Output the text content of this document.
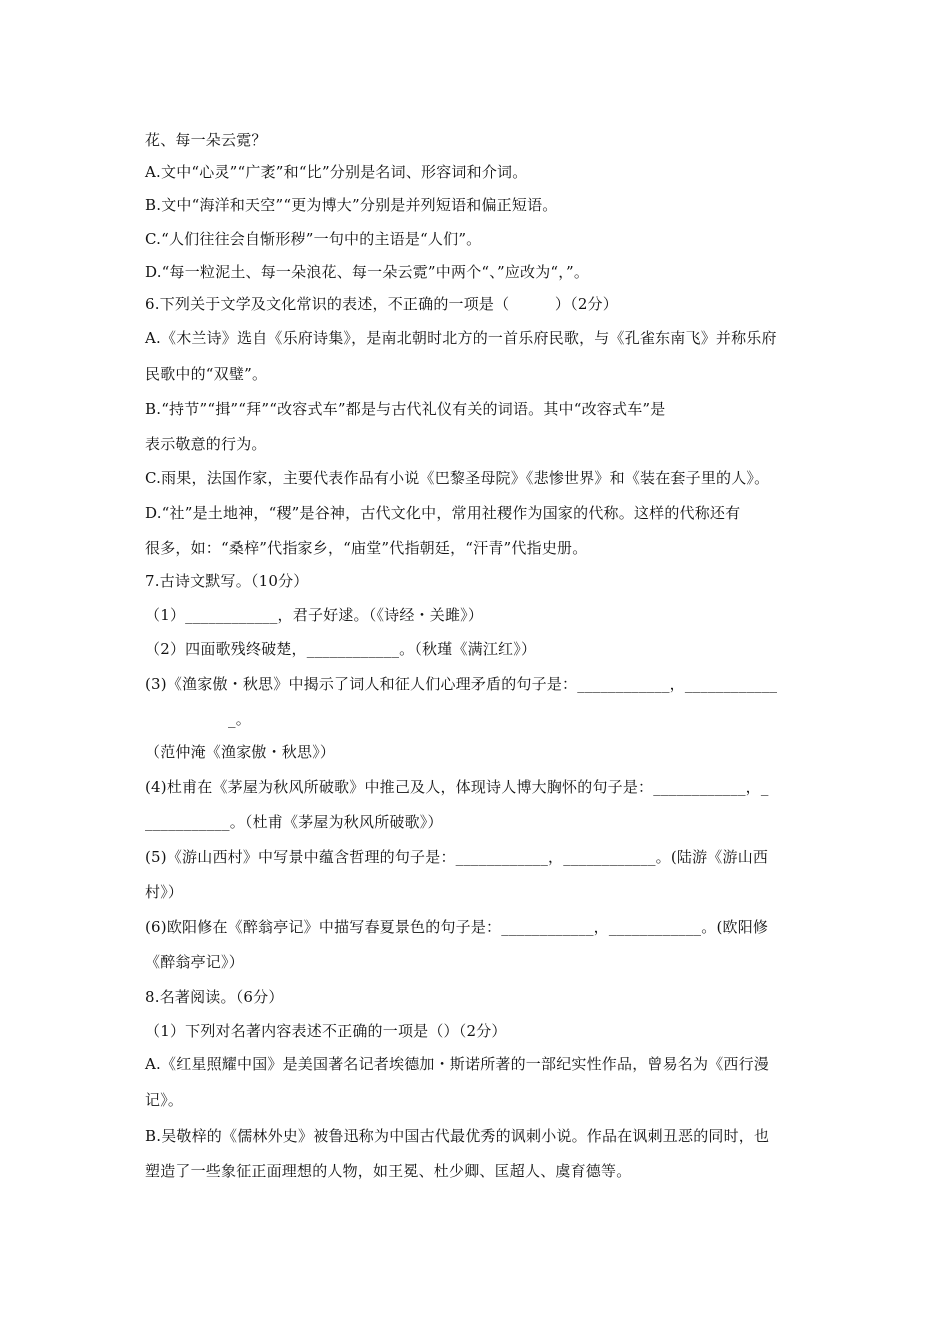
花、每一朵云霓？
A.文中“心灵”“广袤”和“比”分别是名词、形容词和介词。
B.文中“海洋和天空”“更为博大”分别是并列短语和偏正短语。
C.“人们往往会自惭形秽”一句中的主语是“人们”。
D.“每一粒泥土、每一朵浪花、每一朵云霓”中两个“、”应改为“，”。
6.下列关于文学及文化常识的表述，不正确的一项是（　　　）（2分）
A.《木兰诗》选自《乐府诗集》，是南北朝时北方的一首乐府民歌，与《孔雀东南飞》并称乐府
民歌中的“双璧”。
B.“持节”“揖”“拜”“改容式车”都是与古代礼仪有关的词语。其中“改容式车”是
表示敬意的行为。
C.雨果，法国作家，主要代表作品有小说《巴黎圣母院》《悲惨世界》和《装在套子里的人》。
D.“社”是土地神，“稷”是谷神，古代文化中，常用社稷作为国家的代称。这样的代称还有
很多，如：“桑梓”代指家乡，“庙堂”代指朝廷，“汗青”代指史册。
7.古诗文默写。（10分）
（1）____________，君子好逑。（《诗经・关雎》）
（2）四面歌残终破楚，____________。（秋瑾《满江红》）
(3)《渔家傲・秋思》中揭示了词人和征人们心理矛盾的句子是：____________，____________
_。
（范仲淹《渔家傲・秋思》）
(4)杜甫在《茅屋为秋风所破歌》中推己及人，体现诗人博大胸怀的句子是：____________，_
___________。（杜甫《茅屋为秋风所破歌》）
(5)《游山西村》中写景中蕴含哲理的句子是：____________，____________。(陆游《游山西
村》）
(6)欧阳修在《醉翁亭记》中描写春夏景色的句子是：____________，____________。(欧阳修
《醉翁亭记》）
8.名著阅读。（6分）
（1）下列对名著内容表述不正确的一项是（）（2分）
A.《红星照耀中国》是美国著名记者埃德加・斯诺所著的一部纪实性作品，曾易名为《西行漫
记》。
B.吴敬梓的《儒林外史》被鲁迅称为中国古代最优秀的讽刺小说。作品在讽刺丑恶的同时，也
塑造了一些象征正面理想的人物，如王冕、杜少卿、匡超人、虞育德等。
